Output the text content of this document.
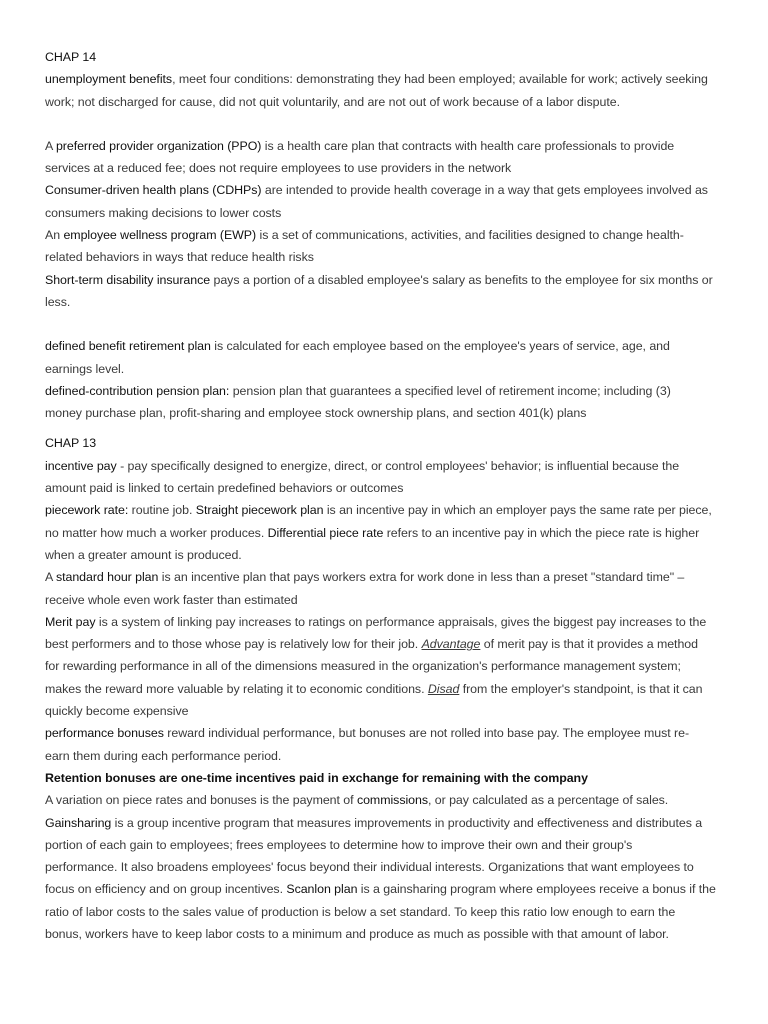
CHAP 14
unemployment benefits, meet four conditions: demonstrating they had been employed; available for work; actively seeking
work; not discharged for cause, did not quit voluntarily, and are not out of work because of a labor dispute.
A preferred provider organization (PPO) is a health care plan that contracts with health care professionals to provide
services at a reduced fee; does not require employees to use providers in the network
Consumer-driven health plans (CDHPs) are intended to provide health coverage in a way that gets employees involved as
consumers making decisions to lower costs
An employee wellness program (EWP) is a set of communications, activities, and facilities designed to change health-
related behaviors in ways that reduce health risks
Short-term disability insurance pays a portion of a disabled employee's salary as benefits to the employee for six months or
less.
defined benefit retirement plan is calculated for each employee based on the employee's years of service, age, and
earnings level.
defined-contribution pension plan: pension plan that guarantees a specified level of retirement income; including (3)
money purchase plan, profit-sharing and employee stock ownership plans, and section 401(k) plans
CHAP 13
incentive pay - pay specifically designed to energize, direct, or control employees' behavior; is influential because the
amount paid is linked to certain predefined behaviors or outcomes
piecework rate: routine job. Straight piecework plan is an incentive pay in which an employer pays the same rate per piece,
no matter how much a worker produces. Differential piece rate refers to an incentive pay in which the piece rate is higher
when a greater amount is produced.
A standard hour plan is an incentive plan that pays workers extra for work done in less than a preset "standard time" –
receive whole even work faster than estimated
Merit pay is a system of linking pay increases to ratings on performance appraisals, gives the biggest pay increases to the
best performers and to those whose pay is relatively low for their job. Advantage of merit pay is that it provides a method
for rewarding performance in all of the dimensions measured in the organization's performance management system;
makes the reward more valuable by relating it to economic conditions. Disad from the employer's standpoint, is that it can
quickly become expensive
performance bonuses reward individual performance, but bonuses are not rolled into base pay. The employee must re-
earn them during each performance period.
Retention bonuses are one-time incentives paid in exchange for remaining with the company
A variation on piece rates and bonuses is the payment of commissions, or pay calculated as a percentage of sales.
Gainsharing is a group incentive program that measures improvements in productivity and effectiveness and distributes a
portion of each gain to employees; frees employees to determine how to improve their own and their group's
performance. It also broadens employees' focus beyond their individual interests. Organizations that want employees to
focus on efficiency and on group incentives. Scanlon plan is a gainsharing program where employees receive a bonus if the
ratio of labor costs to the sales value of production is below a set standard. To keep this ratio low enough to earn the
bonus, workers have to keep labor costs to a minimum and produce as much as possible with that amount of labor.
